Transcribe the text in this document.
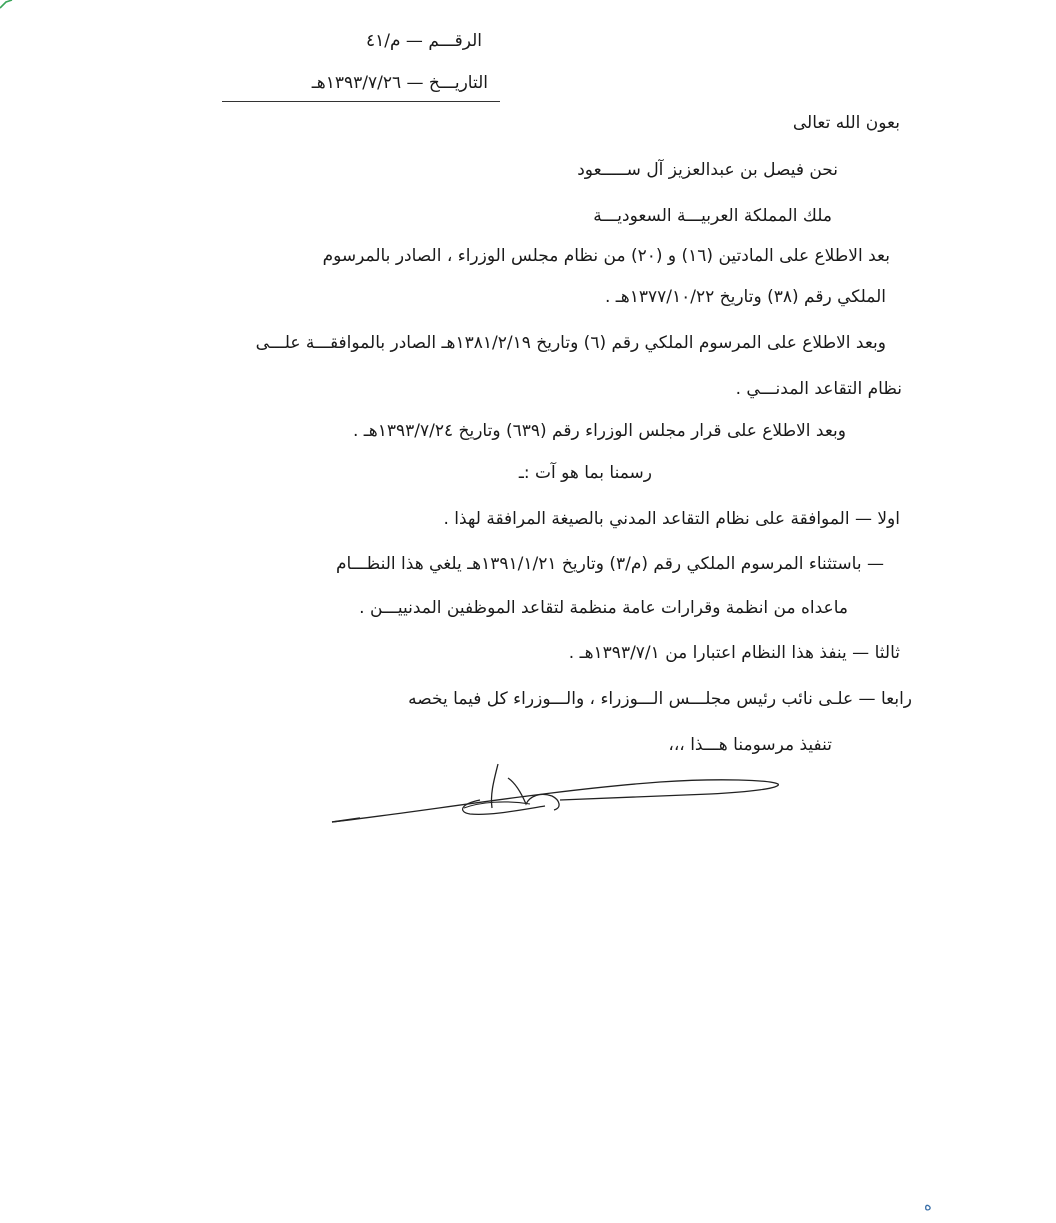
الرقـــم — م/٤١
التاريـــخ — ١٣٩٣/٧/٢٦هـ
بعون الله تعالى
نحن فيصل بن عبدالعزيز آل ســـــعود
ملك المملكة العربيـــة السعوديـــة
بعد الاطلاع على المادتين (١٦) و (٢٠) من نظام مجلس الوزراء ، الصادر بالمرسوم
الملكي رقم (٣٨) وتاريخ ١٣٧٧/١٠/٢٢هـ .
وبعد الاطلاع على المرسوم الملكي رقم (٦) وتاريخ ١٣٨١/٢/١٩هـ الصادر بالموافقـــة علـــى
نظام التقاعد المدنـــي .
وبعد الاطلاع على قرار مجلس الوزراء رقم (٦٣٩) وتاريخ ١٣٩٣/٧/٢٤هـ .
رسمنا بما هو آت :ـ
اولا — الموافقة على نظام التقاعد المدني بالصيغة المرافقة لهذا .
— باستثناء المرسوم الملكي رقم (م/٣) وتاريخ ١٣٩١/١/٢١هـ يلغي هذا النظـــام
ماعداه من انظمة وقرارات عامة منظمة لتقاعد الموظفين المدنييـــن .
ثالثا — ينفذ هذا النظام اعتبارا من ١٣٩٣/٧/١هـ .
رابعا — علـى نائب رئيس مجلـــس الـــوزراء ، والـــوزراء كل فيما يخصه
تنفيذ مرسومنا هـــذا ،،،
ه
